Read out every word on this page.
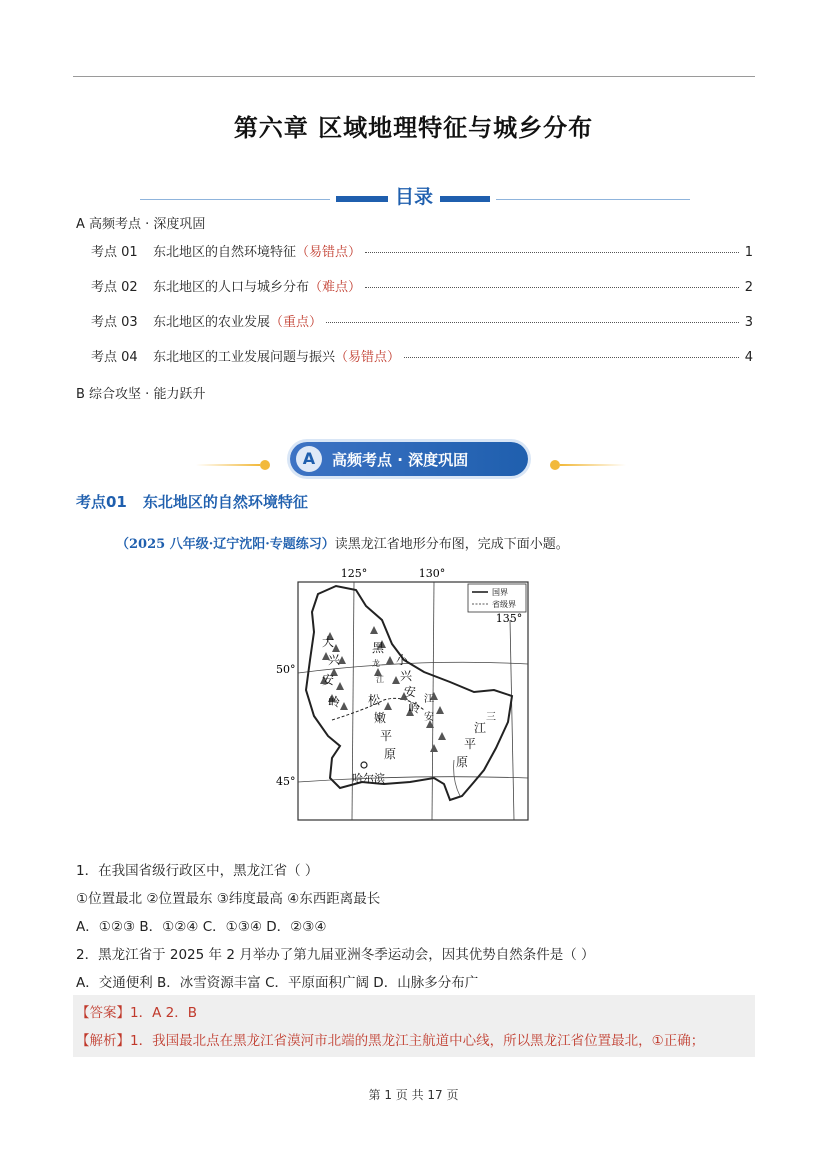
第六章 区域地理特征与城乡分布
目录
A 高频考点 · 深度巩固
考点 01	东北地区的自然环境特征 （易错点）	1
考点 02	东北地区的人口与城乡分布 （难点）	2
考点 03	东北地区的农业发展 （重点）	3
考点 04	东北地区的工业发展问题与振兴 （易错点）	4
B 综合攻坚 · 能力跃升
A	高频考点 · 深度巩固
考点01 东北地区的自然环境特征
（2025 八年级·辽宁沈阳·专题练习）读黑龙江省地形分布图，完成下面小题。
125°	130°
135°
50°
45°
国界
省级界
大
兴
安
岭
黑
龙
江
小
兴
安
岭
松
嫩
平
原
江
安	三
江
平
原
哈尔滨
1．在我国省级行政区中，黑龙江省（ ）
①位置最北 ②位置最东 ③纬度最高 ④东西距离最长
A．①②③ B．①②④ C．①③④ D．②③④
2．黑龙江省于 2025 年 2 月举办了第九届亚洲冬季运动会，因其优势自然条件是（ ）
A．交通便利 B．冰雪资源丰富 C．平原面积广阔 D．山脉多分布广
【答案】1．A 2．B
【解析】1．我国最北点在黑龙江省漠河市北端的黑龙江主航道中心线，所以黑龙江省位置最北，①正确；
第 1 页 共 17 页
